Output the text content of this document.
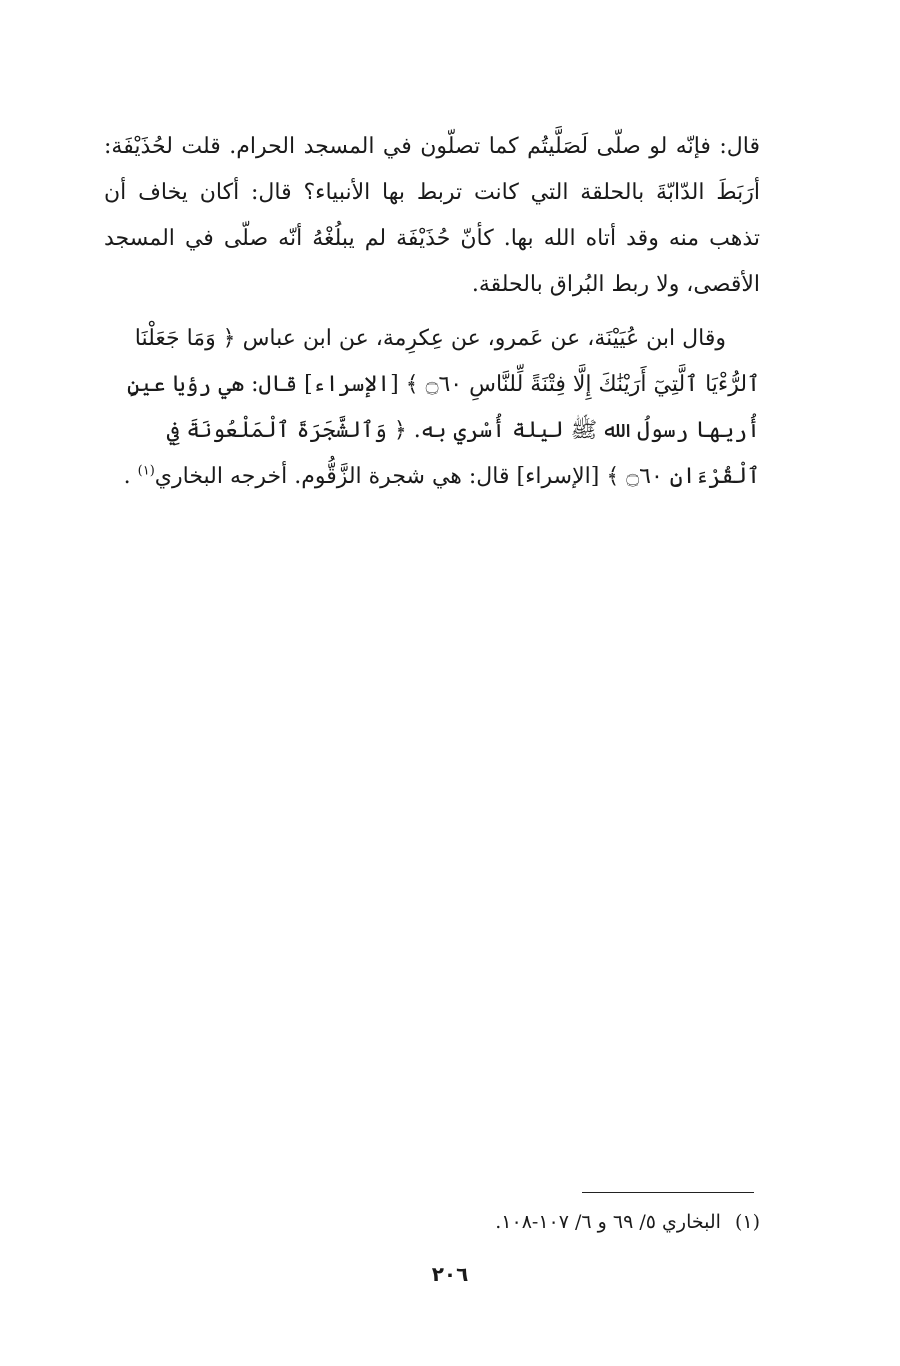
قال: فإنّه لو صلّى لَصَلَّيتُم كما تصلّون في المسجد الحرام. قلت لحُذَيْفَة: أرَبَطَ الدّابّةَ بالحلقة التي كانت تربط بها الأنبياء؟ قال: أكان يخاف أن تذهب منه وقد أتاه الله بها. كأنّ حُذَيْفَة لم يبلُغْهُ أنّه صلّى في المسجد الأقصى، ولا ربط البُراق بالحلقة.

وقال ابن عُيَيْنَة، عن عَمرو، عن عِكرِمة، عن ابن عباس ﴿ وَمَا جَعَلْنَا ٱلرُّءْيَا ٱلَّتِيٓ أَرَيْنَٰكَ إِلَّا فِتْنَةً لِّلنَّاسِ ۝٦٠ ﴾ [الإسراء] قال: هي رؤيا عينٍ أُريها رسولُ الله ﷺ ليلة أُسْري به. ﴿ وَٱلشَّجَرَةَ ٱلْمَلْعُونَةَ فِي ٱلْقُرْءَانِ ۝٦٠ ﴾ [الإسراء] قال: هي شجرة الزَّقُّوم. أخرجه البخاري$^{(١)}$ .

(١)البخاري ٥/ ٦٩ و ٦/ ١٠٧-١٠٨.
٢٠٦
